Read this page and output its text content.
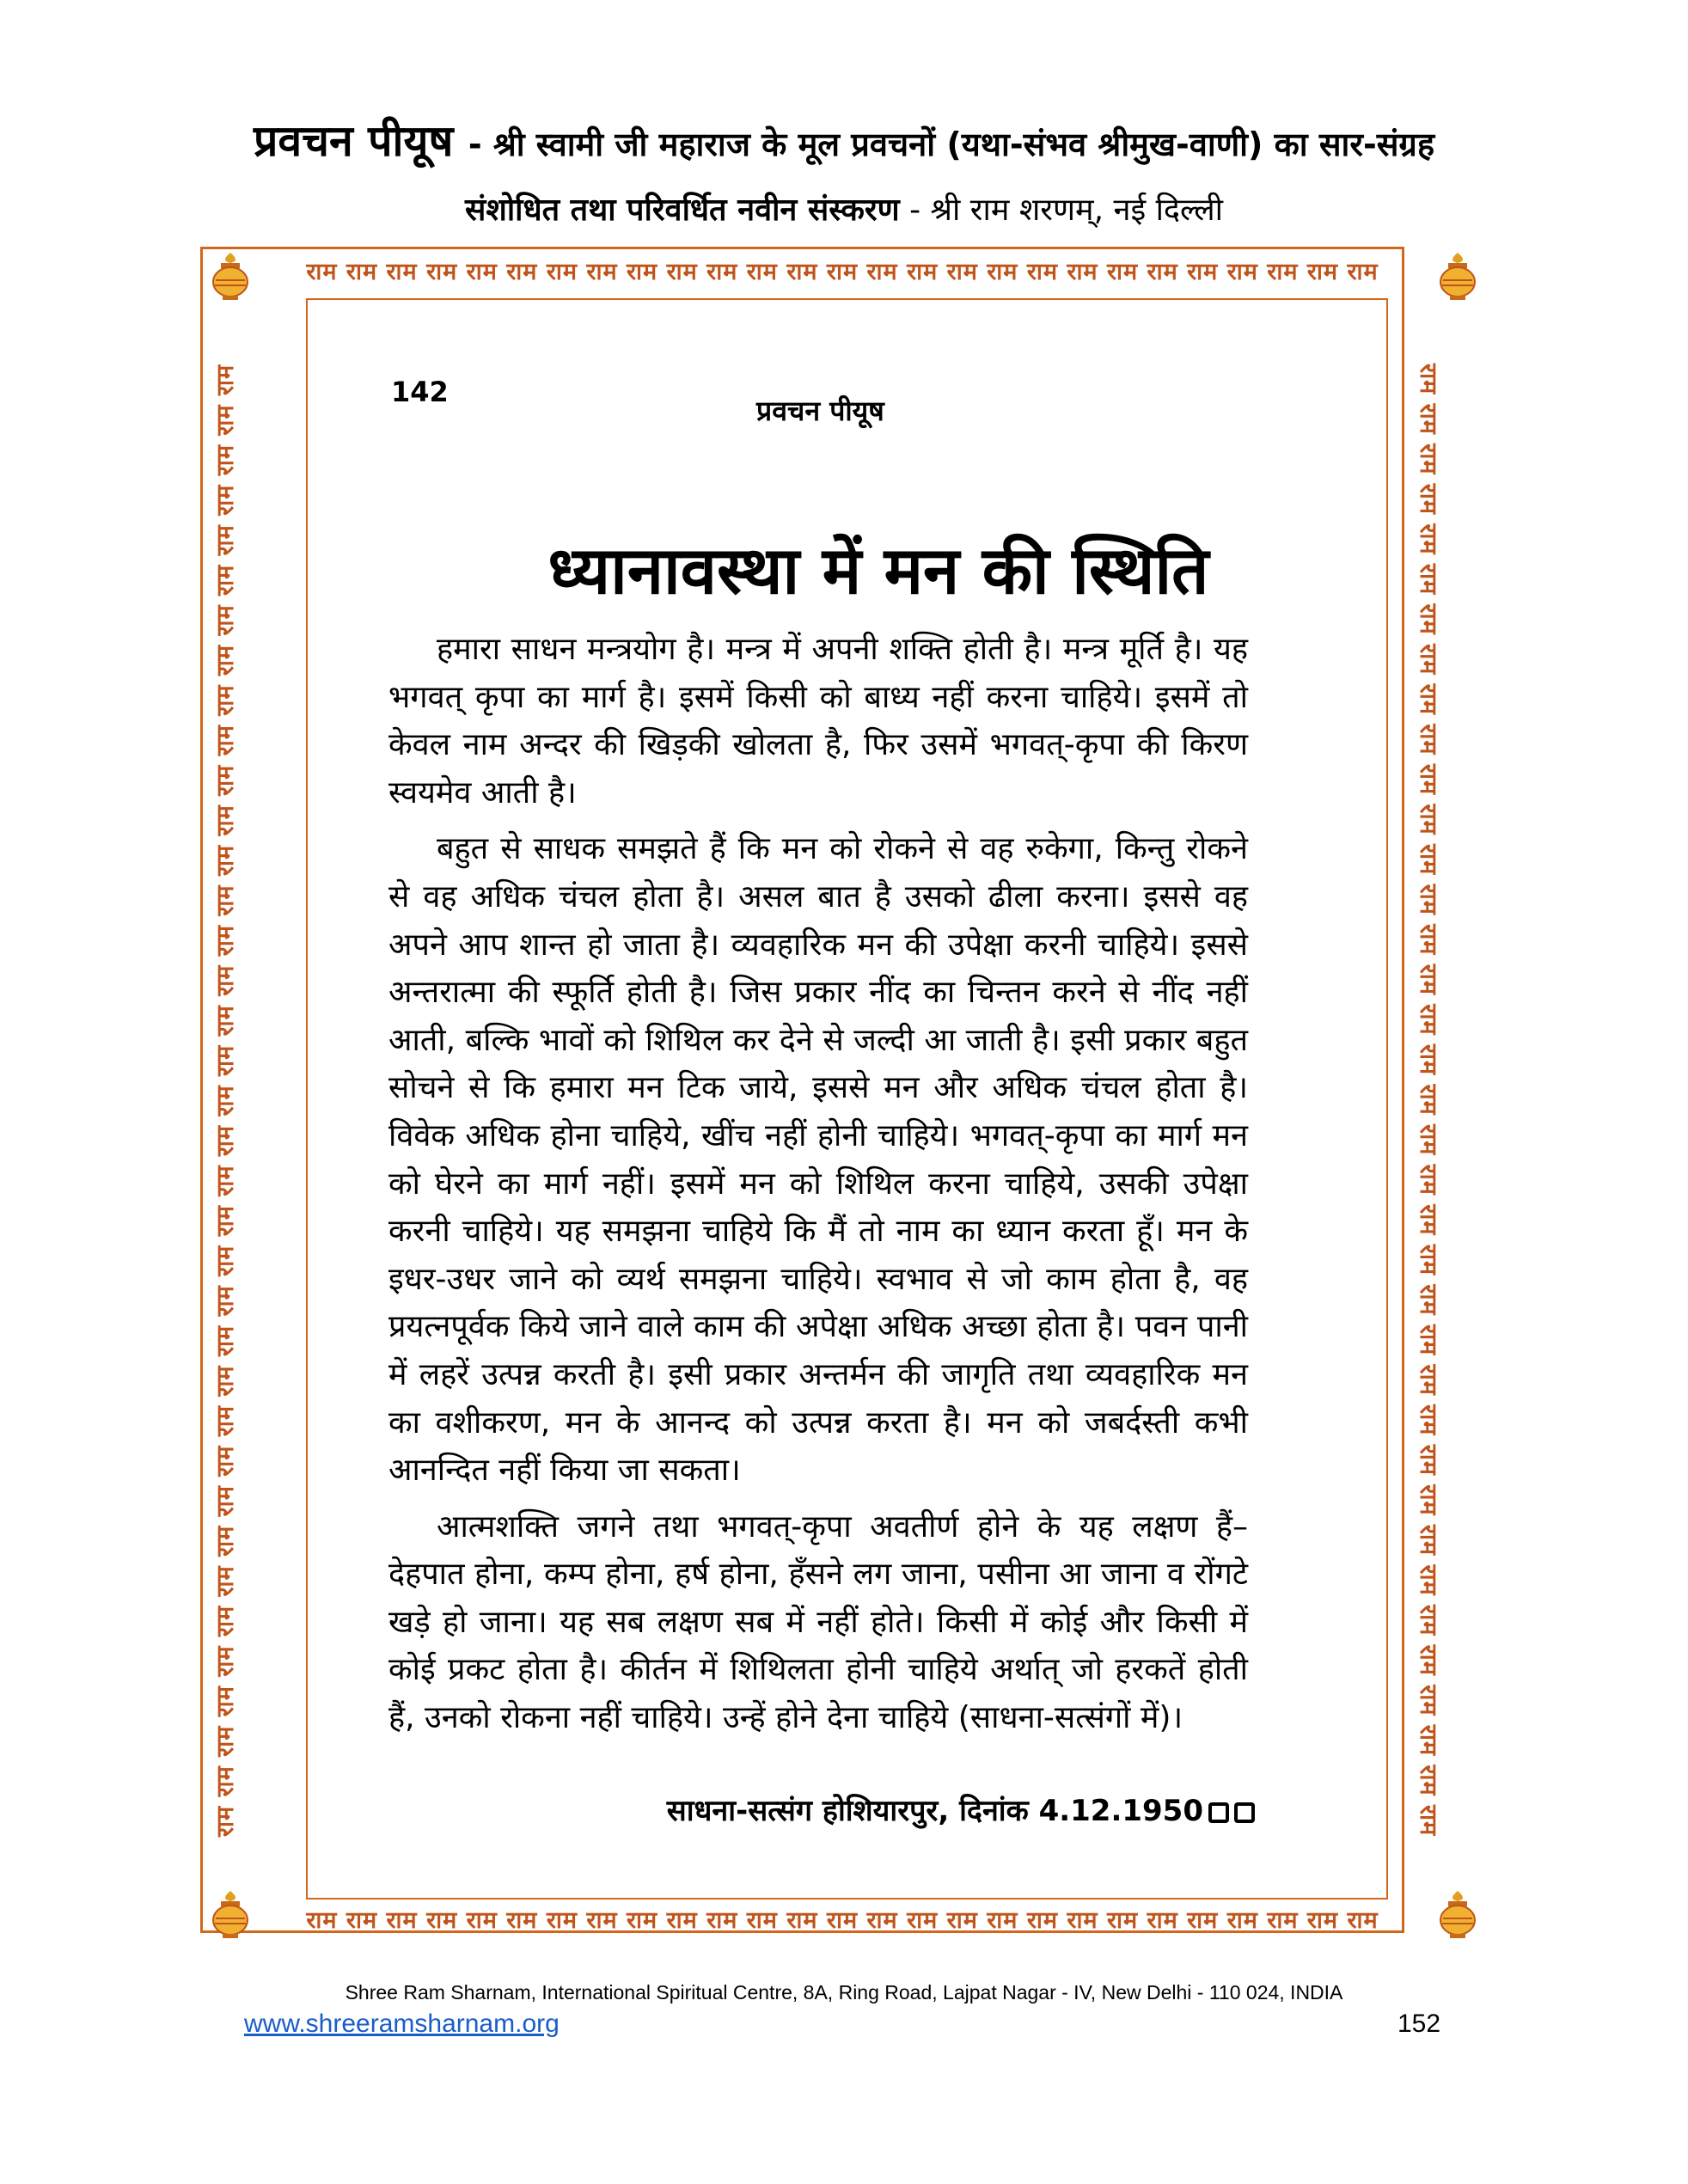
प्रवचन पीयूष - श्री स्वामी जी महाराज के मूल प्रवचनों (यथा-संभव श्रीमुख-वाणी) का सार-संग्रह
संशोधित तथा परिवर्धित नवीन संस्करण - श्री राम शरणम्, नई दिल्ली
राम राम राम राम राम राम राम राम राम राम राम राम राम राम राम राम राम राम राम राम राम राम राम राम राम राम राम
राम राम राम राम राम राम राम राम राम राम राम राम राम राम राम राम राम राम राम राम राम राम राम राम राम राम राम
राम राम राम राम राम राम राम राम राम राम राम राम राम राम राम राम राम राम राम राम राम राम राम राम राम राम राम राम राम राम राम राम राम राम राम राम राम	राम राम राम राम राम राम राम राम राम राम राम राम राम राम राम राम राम राम राम राम राम राम राम राम राम राम राम राम राम राम राम राम राम राम राम राम राम
142
प्रवचन पीयूष
ध्यानावस्था में मन की स्थिति

हमारा साधन मन्त्रयोग है। मन्त्र में अपनी शक्ति होती है। मन्त्र मूर्ति है। यह भगवत् कृपा का मार्ग है। इसमें किसी को बाध्य नहीं करना चाहिये। इसमें तो केवल नाम अन्दर की खिड़की खोलता है, फिर उसमें भगवत्-कृपा की किरण स्वयमेव आती है।

बहुत से साधक समझते हैं कि मन को रोकने से वह रुकेगा, किन्तु रोकने से वह अधिक चंचल होता है। असल बात है उसको ढीला करना। इससे वह अपने आप शान्त हो जाता है। व्यवहारिक मन की उपेक्षा करनी चाहिये। इससे अन्तरात्मा की स्फूर्ति होती है। जिस प्रकार नींद का चिन्तन करने से नींद नहीं आती, बल्कि भावों को शिथिल कर देने से जल्दी आ जाती है। इसी प्रकार बहुत सोचने से कि हमारा मन टिक जाये, इससे मन और अधिक चंचल होता है। विवेक अधिक होना चाहिये, खींच नहीं होनी चाहिये। भगवत्-कृपा का मार्ग मन को घेरने का मार्ग नहीं। इसमें मन को शिथिल करना चाहिये, उसकी उपेक्षा करनी चाहिये। यह समझना चाहिये कि मैं तो नाम का ध्यान करता हूँ। मन के इधर-उधर जाने को व्यर्थ समझना चाहिये। स्वभाव से जो काम होता है, वह प्रयत्नपूर्वक किये जाने वाले काम की अपेक्षा अधिक अच्छा होता है। पवन पानी में लहरें उत्पन्न करती है। इसी प्रकार अन्तर्मन की जागृति तथा व्यवहारिक मन का वशीकरण, मन के आनन्द को उत्पन्न करता है। मन को जबर्दस्ती कभी आनन्दित नहीं किया जा सकता।

आत्मशक्ति जगने तथा भगवत्-कृपा अवतीर्ण होने के यह लक्षण हैं– देहपात होना, कम्प होना, हर्ष होना, हँसने लग जाना, पसीना आ जाना व रोंगटे खड़े हो जाना। यह सब लक्षण सब में नहीं होते। किसी में कोई और किसी में कोई प्रकट होता है। कीर्तन में शिथिलता होनी चाहिये अर्थात् जो हरकतें होती हैं, उनको रोकना नहीं चाहिये। उन्हें होने देना चाहिये (साधना-सत्संगों में)।

साधना-सत्संग होशियारपुर, दिनांक 4.12.1950
Shree Ram Sharnam, International Spiritual Centre, 8A, Ring Road, Lajpat Nagar - IV, New Delhi - 110 024, INDIA
www.shreeramsharnam.org	152
